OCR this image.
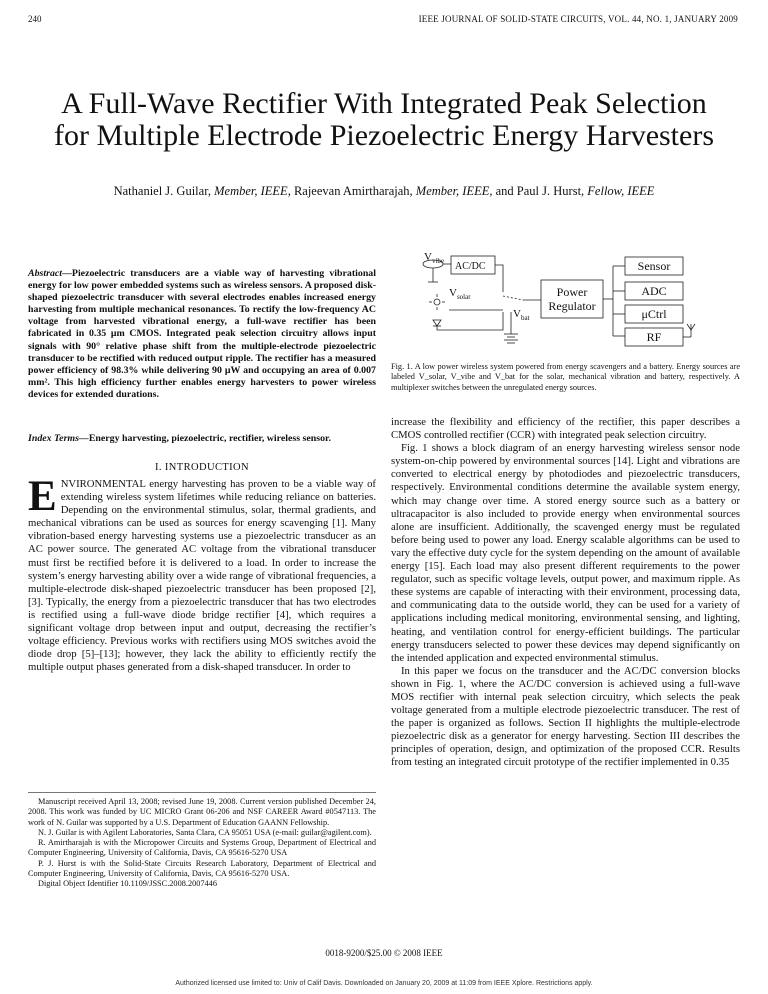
240	IEEE JOURNAL OF SOLID-STATE CIRCUITS, VOL. 44, NO. 1, JANUARY 2009
A Full-Wave Rectifier With Integrated Peak Selection for Multiple Electrode Piezoelectric Energy Harvesters
Nathaniel J. Guilar, Member, IEEE, Rajeevan Amirtharajah, Member, IEEE, and Paul J. Hurst, Fellow, IEEE
Abstract—Piezoelectric transducers are a viable way of harvesting vibrational energy for low power embedded systems such as wireless sensors. A proposed disk-shaped piezoelectric transducer with several electrodes enables increased energy harvesting from multiple mechanical resonances. To rectify the low-frequency AC voltage from harvested vibrational energy, a full-wave rectifier has been fabricated in 0.35 μm CMOS. Integrated peak selection circuitry allows input signals with 90° relative phase shift from the multiple-electrode piezoelectric transducer to be rectified with reduced output ripple. The rectifier has a measured power efficiency of 98.3% while delivering 90 μW and occupying an area of 0.007 mm². This high efficiency further enables energy harvesters to power wireless devices for extended durations.
Index Terms—Energy harvesting, piezoelectric, rectifier, wireless sensor.
I. INTRODUCTION

ENVIRONMENTAL energy harvesting has proven to be a viable way of extending wireless system lifetimes while reducing reliance on batteries. Depending on the environmental stimulus, solar, thermal gradients, and mechanical vibrations can be used as sources for energy scavenging [1]. Many vibration-based energy harvesting systems use a piezoelectric transducer as an AC power source. The generated AC voltage from the vibrational transducer must first be rectified before it is delivered to a load. In order to increase the system’s energy harvesting ability over a wide range of vibrational frequencies, a multiple-electrode disk-shaped piezoelectric transducer has been proposed [2], [3]. Typically, the energy from a piezoelectric transducer that has two electrodes is rectified using a full-wave diode bridge rectifier [4], which requires a significant voltage drop between input and output, decreasing the rectifier’s voltage efficiency. Previous works with rectifiers using MOS switches avoid the diode drop [5]–[13]; however, they lack the ability to efficiently rectify the multiple output phases generated from a disk-shaped transducer. In order to

Manuscript received April 13, 2008; revised June 19, 2008. Current version published December 24, 2008. This work was funded by UC MICRO Grant 06-206 and NSF CAREER Award #0547113. The work of N. Guilar was supported by a U.S. Department of Education GAANN Fellowship.

N. J. Guilar is with Agilent Laboratories, Santa Clara, CA 95051 USA (e-mail: guilar@agilent.com).

R. Amirtharajah is with the Micropower Circuits and Systems Group, Department of Electrical and Computer Engineering, University of California, Davis, CA 95616-5270 USA

P. J. Hurst is with the Solid-State Circuits Research Laboratory, Department of Electrical and Computer Engineering, University of California, Davis, CA 95616-5270 USA.

Digital Object Identifier 10.1109/JSSC.2008.2007446

$V_{vibe}$ AC/DC
$V_{solar}$
$V_{bat}$
Power
Regulator
Sensor
ADC
μCtrl
RF
Fig. 1. A low power wireless system powered from energy scavengers and a battery. Energy sources are labeled V_solar, V_vibe and V_bat for the solar, mechanical vibration and battery, respectively. A multiplexer switches between the unregulated energy sources.

increase the flexibility and efficiency of the rectifier, this paper describes a CMOS controlled rectifier (CCR) with integrated peak selection circuitry.

Fig. 1 shows a block diagram of an energy harvesting wireless sensor node system-on-chip powered by environmental sources [14]. Light and vibrations are converted to electrical energy by photodiodes and piezoelectric transducers, respectively. Environmental conditions determine the available system energy, which may change over time. A stored energy source such as a battery or ultracapacitor is also included to provide energy when environmental sources alone are insufficient. Additionally, the scavenged energy must be regulated before being used to power any load. Energy scalable algorithms can be used to vary the effective duty cycle for the system depending on the amount of available energy [15]. Each load may also present different requirements to the power regulator, such as specific voltage levels, output power, and maximum ripple. As these systems are capable of interacting with their environment, processing data, and communicating data to the outside world, they can be used for a variety of applications including medical monitoring, environmental sensing, and lighting, heating, and ventilation control for energy-efficient buildings. The particular energy transducers selected to power these devices may depend significantly on the intended application and expected environmental stimulus.

In this paper we focus on the transducer and the AC/DC conversion blocks shown in Fig. 1, where the AC/DC conversion is achieved using a full-wave MOS rectifier with internal peak selection circuitry, which selects the peak voltage generated from a multiple electrode piezoelectric transducer. The rest of the paper is organized as follows. Section II highlights the multiple-electrode piezoelectric disk as a generator for energy harvesting. Section III describes the principles of operation, design, and optimization of the proposed CCR. Results from testing an integrated circuit prototype of the rectifier implemented in 0.35

0018-9200/$25.00 © 2008 IEEE
Authorized licensed use limited to: Univ of Calif Davis. Downloaded on January 20, 2009 at 11:09 from IEEE Xplore. Restrictions apply.
